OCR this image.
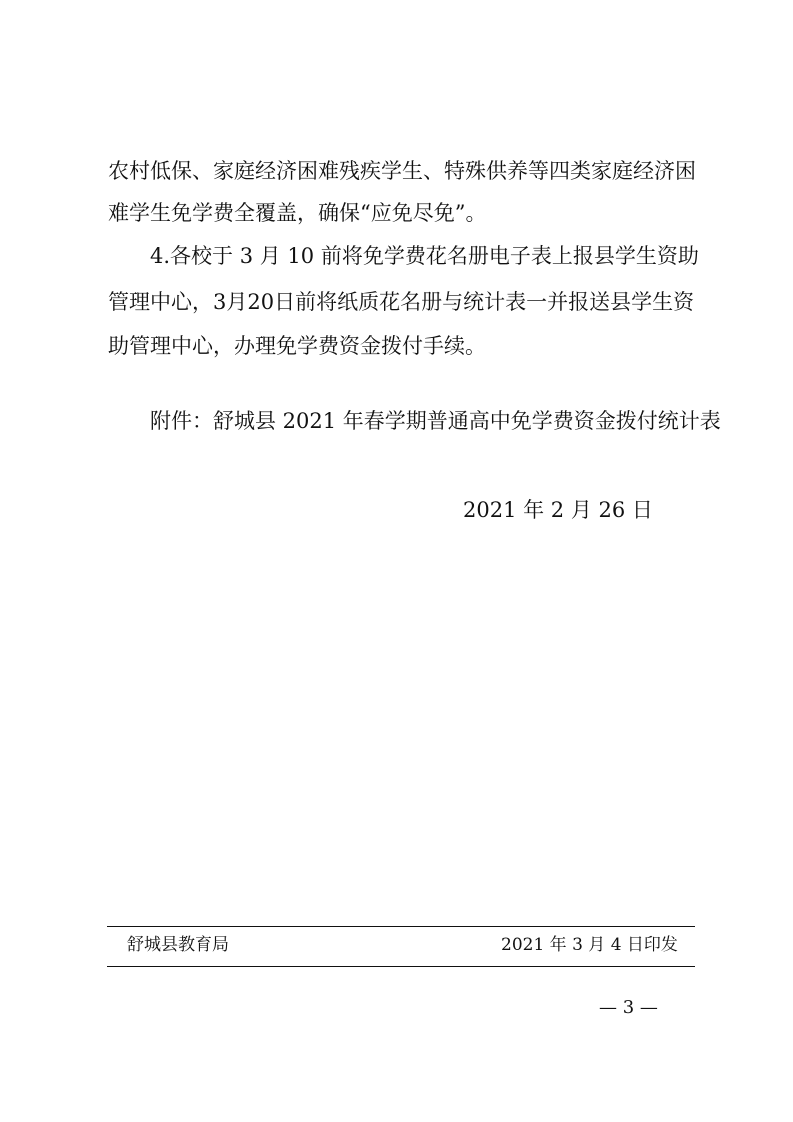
农村低保、家庭经济困难残疾学生、特殊供养等四类家庭经济困
难学生免学费全覆盖，确保“应免尽免”。
4.各校于 3 月 10 前将免学费花名册电子表上报县学生资助
管理中心，3月20日前将纸质花名册与统计表一并报送县学生资
助管理中心，办理免学费资金拨付手续。
附件：舒城县 2021 年春学期普通高中免学费资金拨付统计表
2021 年 2 月 26 日
舒城县教育局	2021 年 3 月 4 日印发
— 3 —
